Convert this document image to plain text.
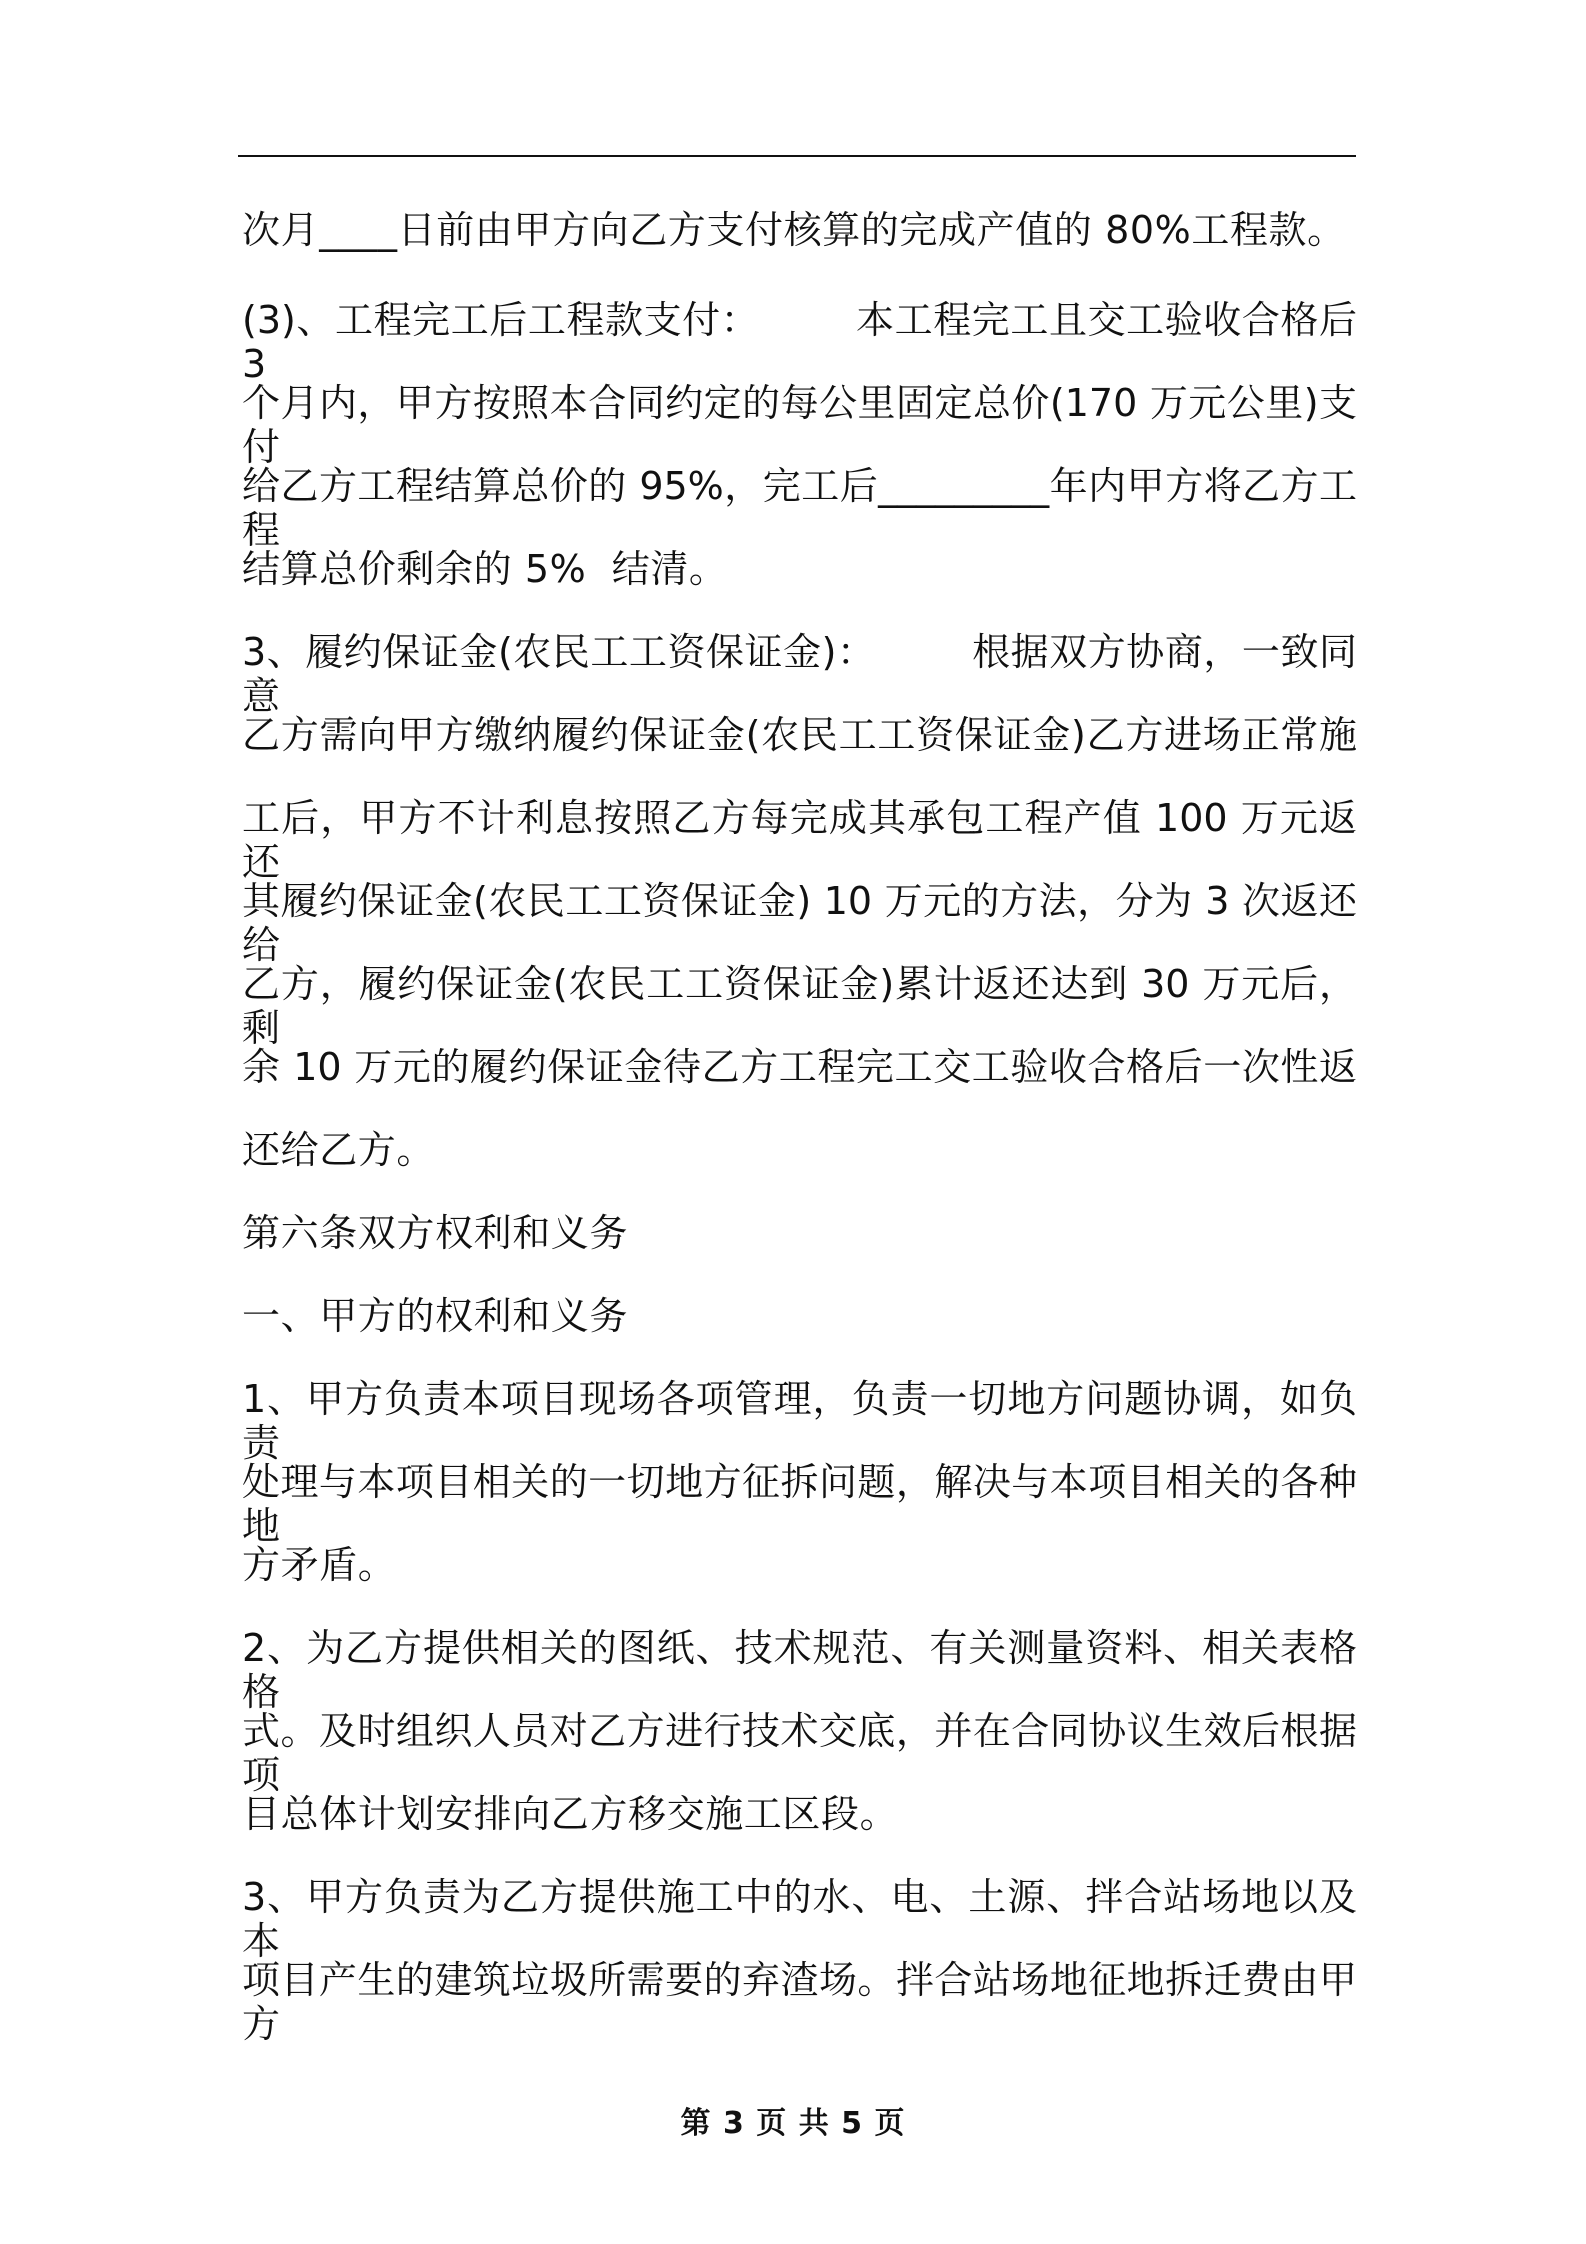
次月____日前由甲方向乙方支付核算的完成产值的 80%工程款。
(3)、工程完工后工程款支付：　　　本工程完工且交工验收合格后 3
个月内，甲方按照本合同约定的每公里固定总价(170 万元公里)支付
给乙方工程结算总价的 95%，完工后_________年内甲方将乙方工程
结算总价剩余的 5%  结清。
3、履约保证金(农民工工资保证金)：　　　根据双方协商，一致同意
乙方需向甲方缴纳履约保证金(农民工工资保证金)乙方进场正常施
工后，甲方不计利息按照乙方每完成其承包工程产值 100 万元返还
其履约保证金(农民工工资保证金) 10 万元的方法，分为 3 次返还给
乙方，履约保证金(农民工工资保证金)累计返还达到 30 万元后，剩
余 10 万元的履约保证金待乙方工程完工交工验收合格后一次性返
还给乙方。
第六条双方权利和义务
一、甲方的权利和义务
1、甲方负责本项目现场各项管理，负责一切地方问题协调，如负责
处理与本项目相关的一切地方征拆问题，解决与本项目相关的各种地
方矛盾。
2、为乙方提供相关的图纸、技术规范、有关测量资料、相关表格格
式。及时组织人员对乙方进行技术交底，并在合同协议生效后根据项
目总体计划安排向乙方移交施工区段。
3、甲方负责为乙方提供施工中的水、电、土源、拌合站场地以及本
项目产生的建筑垃圾所需要的弃渣场。拌合站场地征地拆迁费由甲方
第 3 页 共 5 页
